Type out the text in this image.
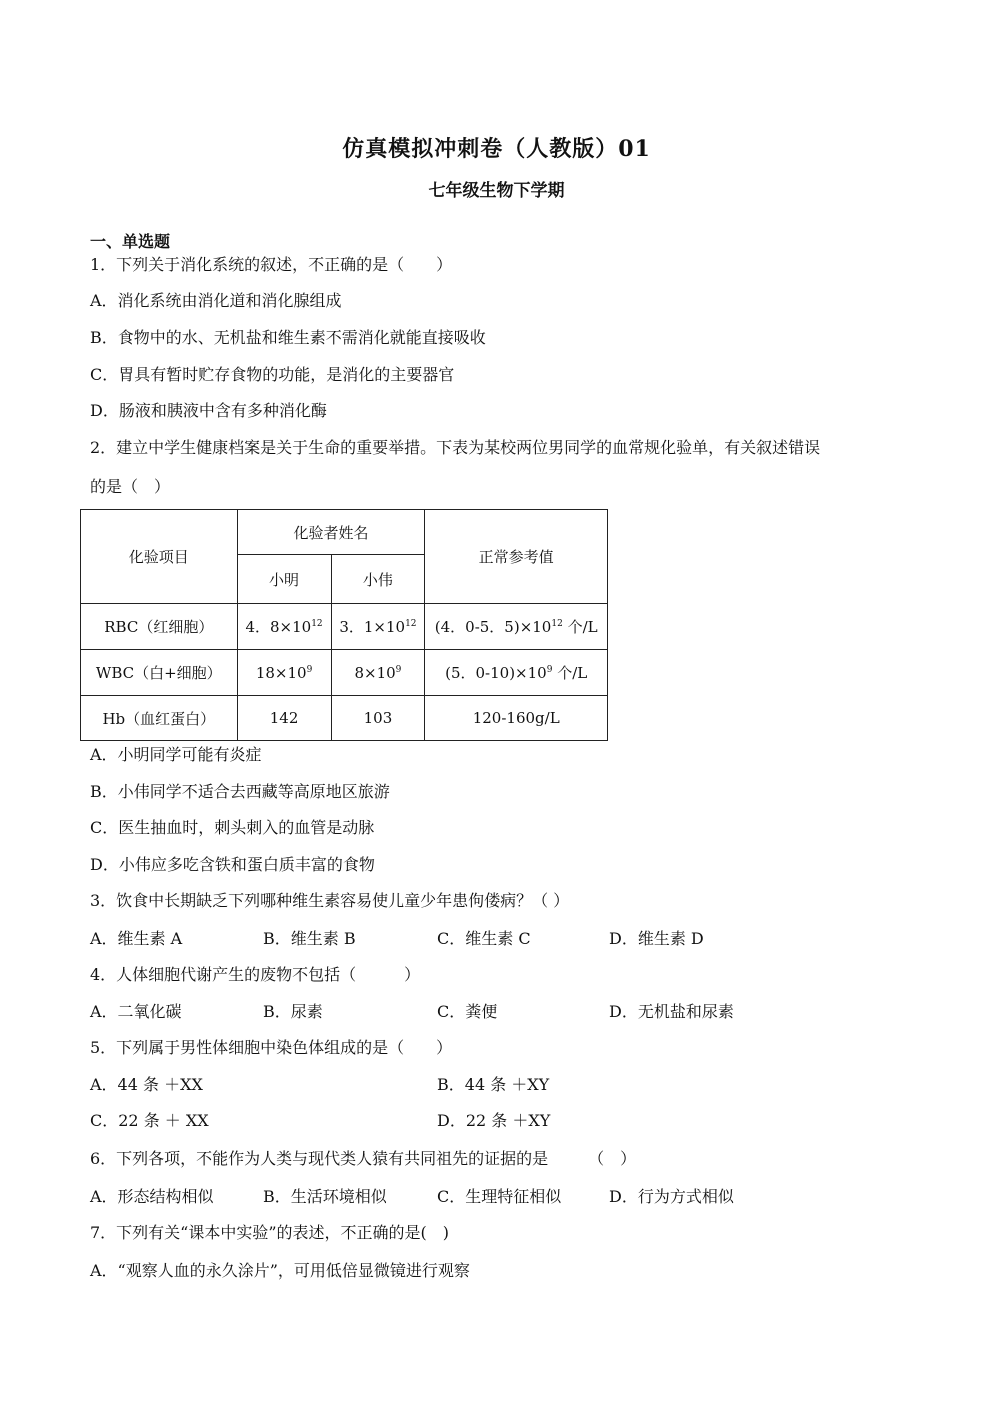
仿真模拟冲刺卷（人教版）01
七年级生物下学期
一、单选题
1．下列关于消化系统的叙述，不正确的是（　　）
A．消化系统由消化道和消化腺组成
B．食物中的水、无机盐和维生素不需消化就能直接吸收
C．胃具有暂时贮存食物的功能，是消化的主要器官
D．肠液和胰液中含有多种消化酶
2．建立中学生健康档案是关于生命的重要举措。下表为某校两位男同学的血常规化验单，有关叙述错误
的是（　）
化验项目	化验者姓名		正常参考值
	小明	小伟	
RBC（红细胞）	4．$8\times 10^{12}$	3．$1\times 10^{12}$	(4．0-5．$5)\times 10^{12}$ 个/L
WBC（白+细胞）	$18\times 10^9$	$8\times 10^9$	(5．$0-10)\times 10^9$ 个/L
Hb（血红蛋白）	142	103	120-160g/L
A．小明同学可能有炎症
B．小伟同学不适合去西藏等高原地区旅游
C．医生抽血时，刺头刺入的血管是动脉
D．小伟应多吃含铁和蛋白质丰富的食物
3．饮食中长期缺乏下列哪种维生素容易使儿童少年患佝偻病？（ ）
A．维生素 A	B．维生素 B	C．维生素 C	D．维生素 D
4．人体细胞代谢产生的废物不包括（　　　）
A．二氧化碳	B．尿素	C．粪便	D．无机盐和尿素
5．下列属于男性体细胞中染色体组成的是（　　）
A．44 条 ＋XX	B．44 条 ＋XY
C．22 条 ＋ XX	D．22 条 ＋XY
6．下列各项，不能作为人类与现代类人猿有共同祖先的证据的是　　　（　）
A．形态结构相似	B．生活环境相似	C．生理特征相似	D．行为方式相似
7．下列有关“课本中实验”的表述，不正确的是(　)
A．“观察人血的永久涂片”，可用低倍显微镜进行观察
